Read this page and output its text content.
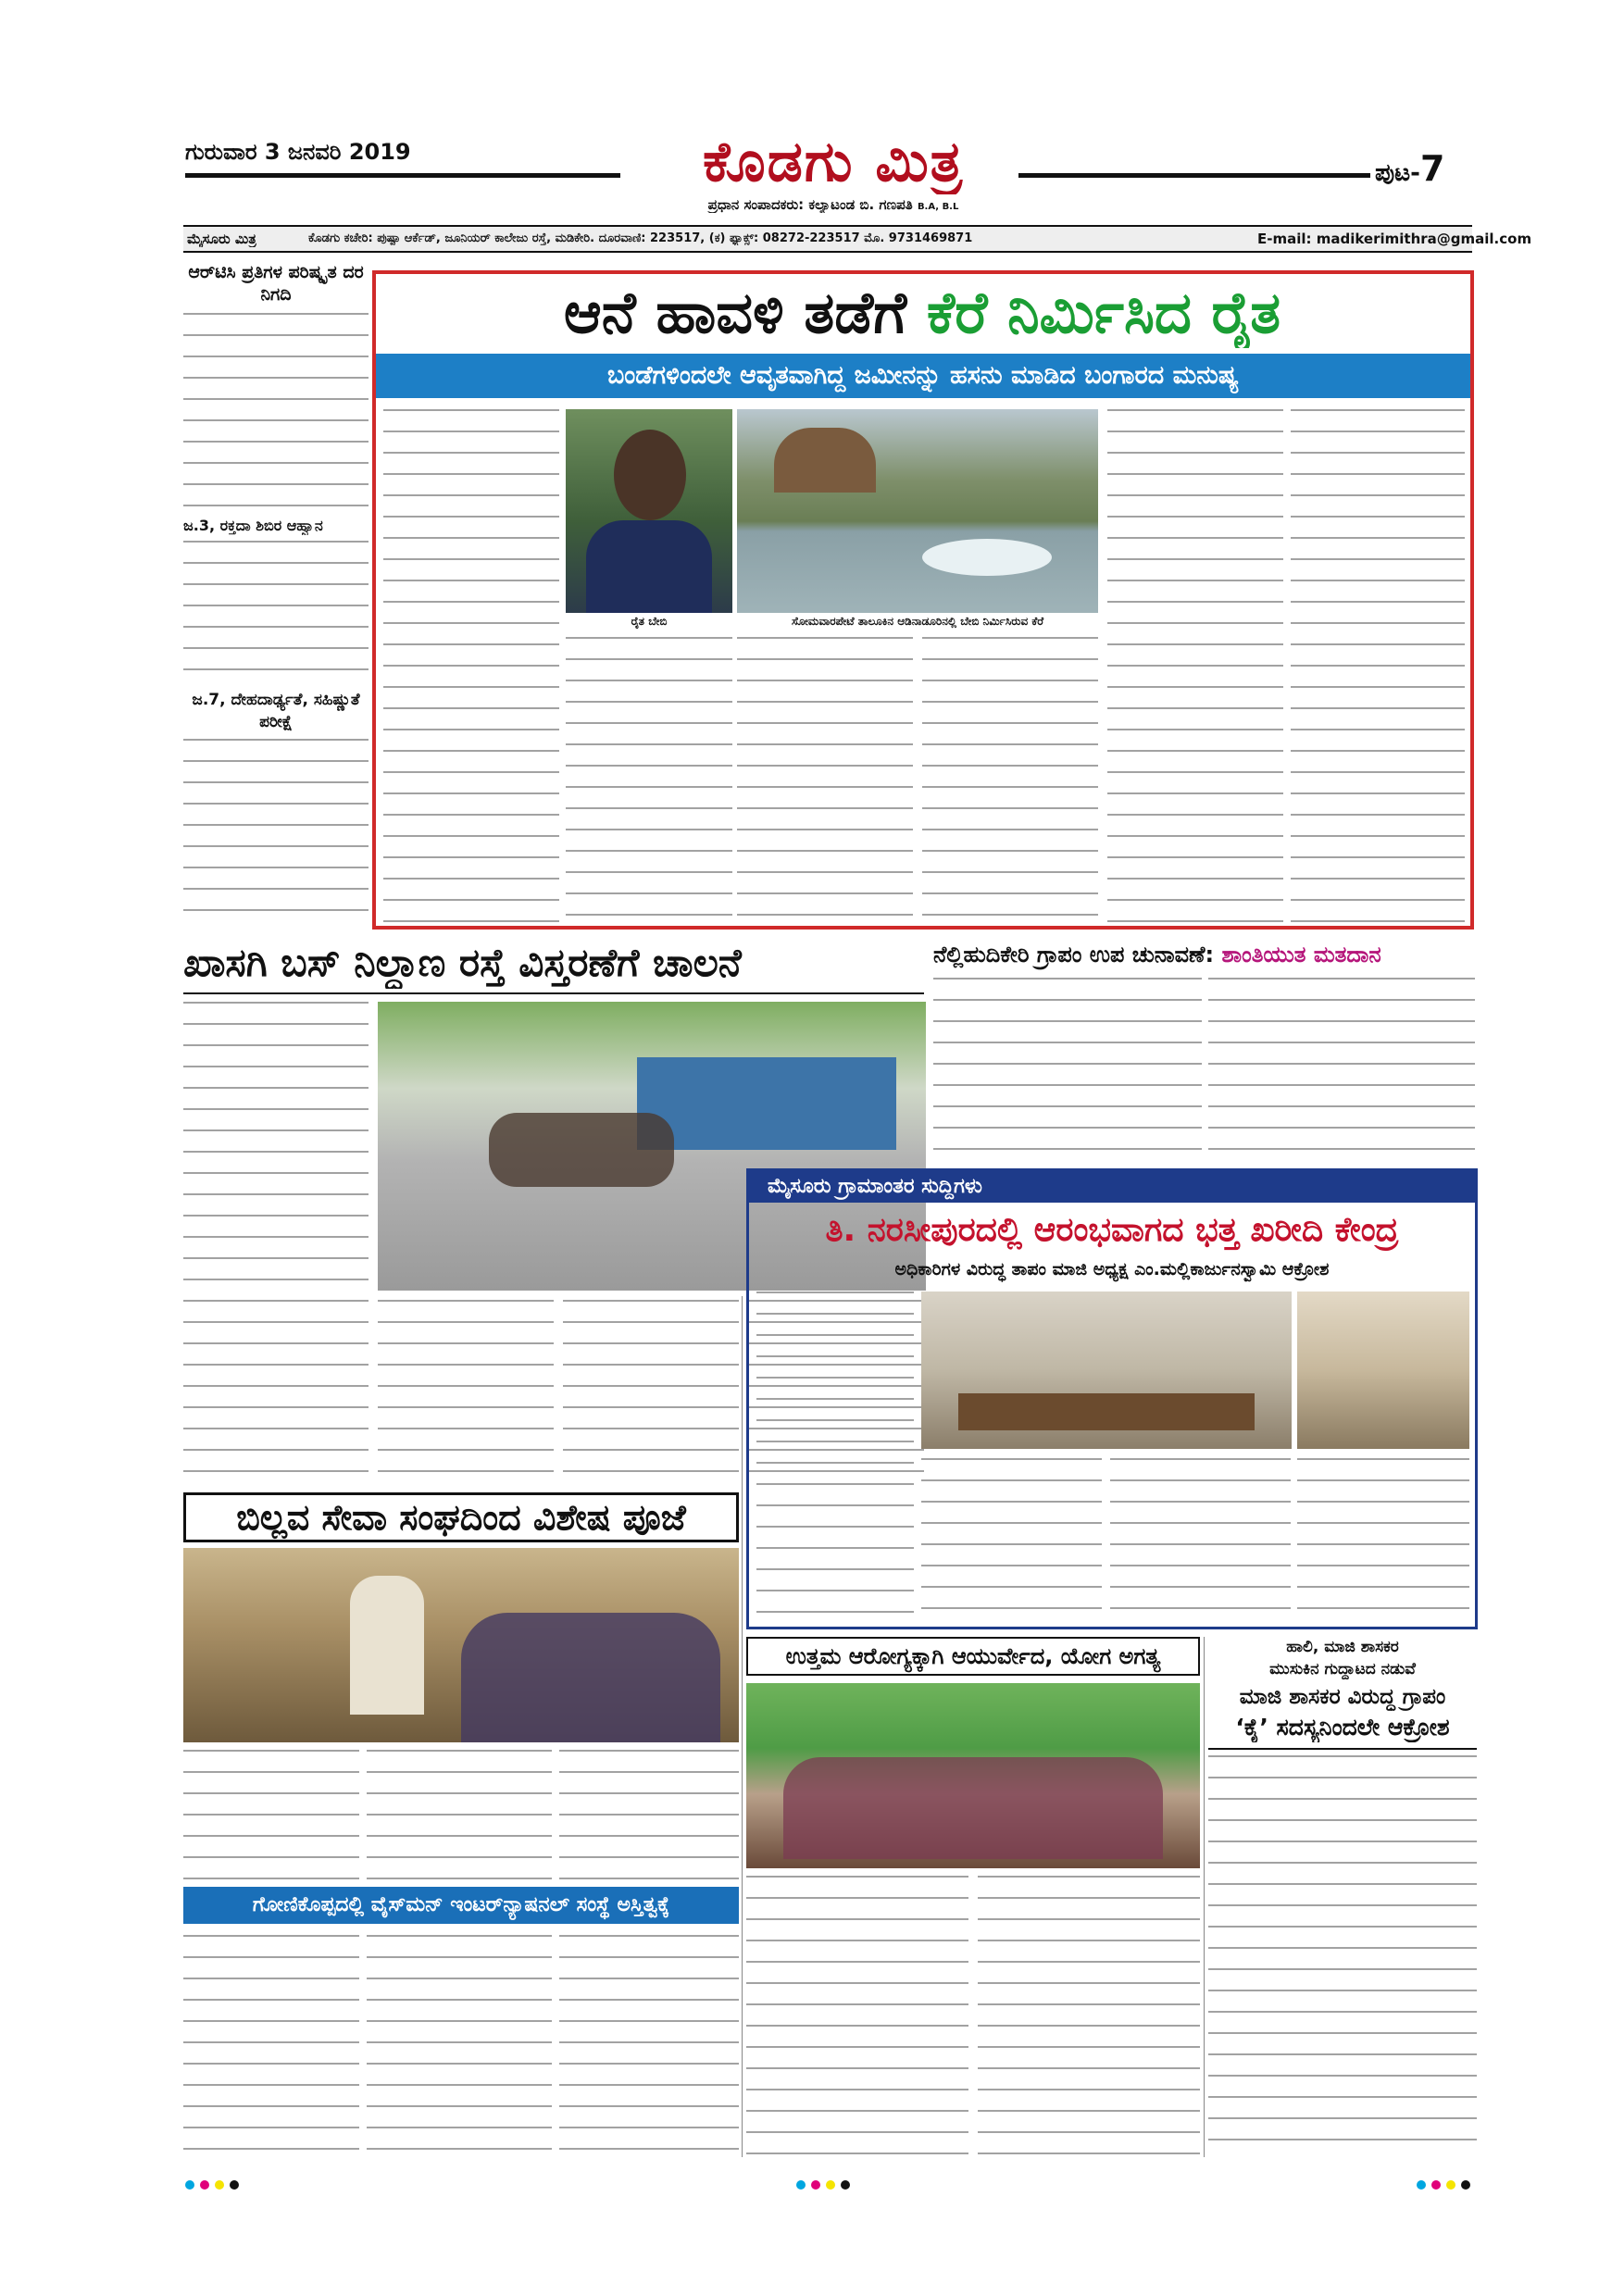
ಗುರುವಾರ 3 ಜನವರಿ 2019	ಕೊಡಗು ಮಿತ್ರ
ಪ್ರಧಾನ ಸಂಪಾದಕರು: ಕಲ್ಯಾಟಂಡ ಬಿ. ಗಣಪತಿ B.A, B.L
ಪುಟ-7
ಮೈಸೂರು ಮಿತ್ರ	ಕೊಡಗು ಕಚೇರಿ: ಪುಷ್ಪಾ ಆರ್ಕೆಡ್, ಜೂನಿಯರ್ ಕಾಲೇಜು ರಸ್ತೆ, ಮಡಿಕೇರಿ. ದೂರವಾಣಿ: 223517, (ಕ) ಫ್ಯಾಕ್ಸ್: 08272-223517 ಮೊ. 9731469871	E-mail: madikerimithra@gmail.com
ಆರ್‌ಟಿಸಿ ಪ್ರತಿಗಳ ಪರಿಷ್ಕೃತ ದರ ನಿಗದಿ
ಜ.3, ರಕ್ತದಾ ಶಿಬಿರ ಆಹ್ವಾನ
ಜ.7, ದೇಹದಾರ್ಢ್ಯತೆ, ಸಹಿಷ್ಣುತೆ ಪರೀಕ್ಷೆ
ಆನೆ ಹಾವಳಿ ತಡೆಗೆ ಕೆರೆ ನಿರ್ಮಿಸಿದ ರೈತ
ಬಂಡೆಗಳಿಂದಲೇ ಆವೃತವಾಗಿದ್ದ ಜಮೀನನ್ನು ಹಸನು ಮಾಡಿದ ಬಂಗಾರದ ಮನುಷ್ಯ
ರೈತ ಬೇಬಿ	ಸೋಮವಾರಪೇಟೆ ತಾಲೂಕಿನ ಆಡಿನಾಡೂರಿನಲ್ಲಿ ಬೇಬಿ ನಿರ್ಮಿಸಿರುವ ಕೆರೆ
ಖಾಸಗಿ ಬಸ್ ನಿಲ್ದಾಣ ರಸ್ತೆ ವಿಸ್ತರಣೆಗೆ ಚಾಲನೆ	ನೆಲ್ಲಿಹುದಿಕೇರಿ ಗ್ರಾಪಂ ಉಪ ಚುನಾವಣೆ: ಶಾಂತಿಯುತ ಮತದಾನ
ಮೈಸೂರು ಗ್ರಾಮಾಂತರ ಸುದ್ದಿಗಳು
ತಿ. ನರಸೀಪುರದಲ್ಲಿ ಆರಂಭವಾಗದ ಭತ್ತ ಖರೀದಿ ಕೇಂದ್ರ
ಅಧಿಕಾರಿಗಳ ವಿರುದ್ಧ ತಾಪಂ ಮಾಜಿ ಅಧ್ಯಕ್ಷ ಎಂ.ಮಲ್ಲಿಕಾರ್ಜುನಸ್ವಾಮಿ ಆಕ್ರೋಶ
ಬಿಲ್ಲವ ಸೇವಾ ಸಂಘದಿಂದ ವಿಶೇಷ ಪೂಜೆ
ಗೋಣಿಕೊಪ್ಪದಲ್ಲಿ ವೈಸ್‌ಮನ್ ಇಂಟರ್‌ನ್ಯಾಷನಲ್ ಸಂಸ್ಥೆ ಅಸ್ತಿತ್ವಕ್ಕೆ
ಉತ್ತಮ ಆರೋಗ್ಯಕ್ಕಾಗಿ ಆಯುರ್ವೇದ, ಯೋಗ ಅಗತ್ಯ	ಹಾಲಿ, ಮಾಜಿ ಶಾಸಕರ
ಮುಸುಕಿನ ಗುದ್ದಾಟದ ನಡುವೆ
ಮಾಜಿ ಶಾಸಕರ ವಿರುದ್ಧ ಗ್ರಾಪಂ
‘ಕೈ’ ಸದಸ್ಯನಿಂದಲೇ ಆಕ್ರೋಶ
